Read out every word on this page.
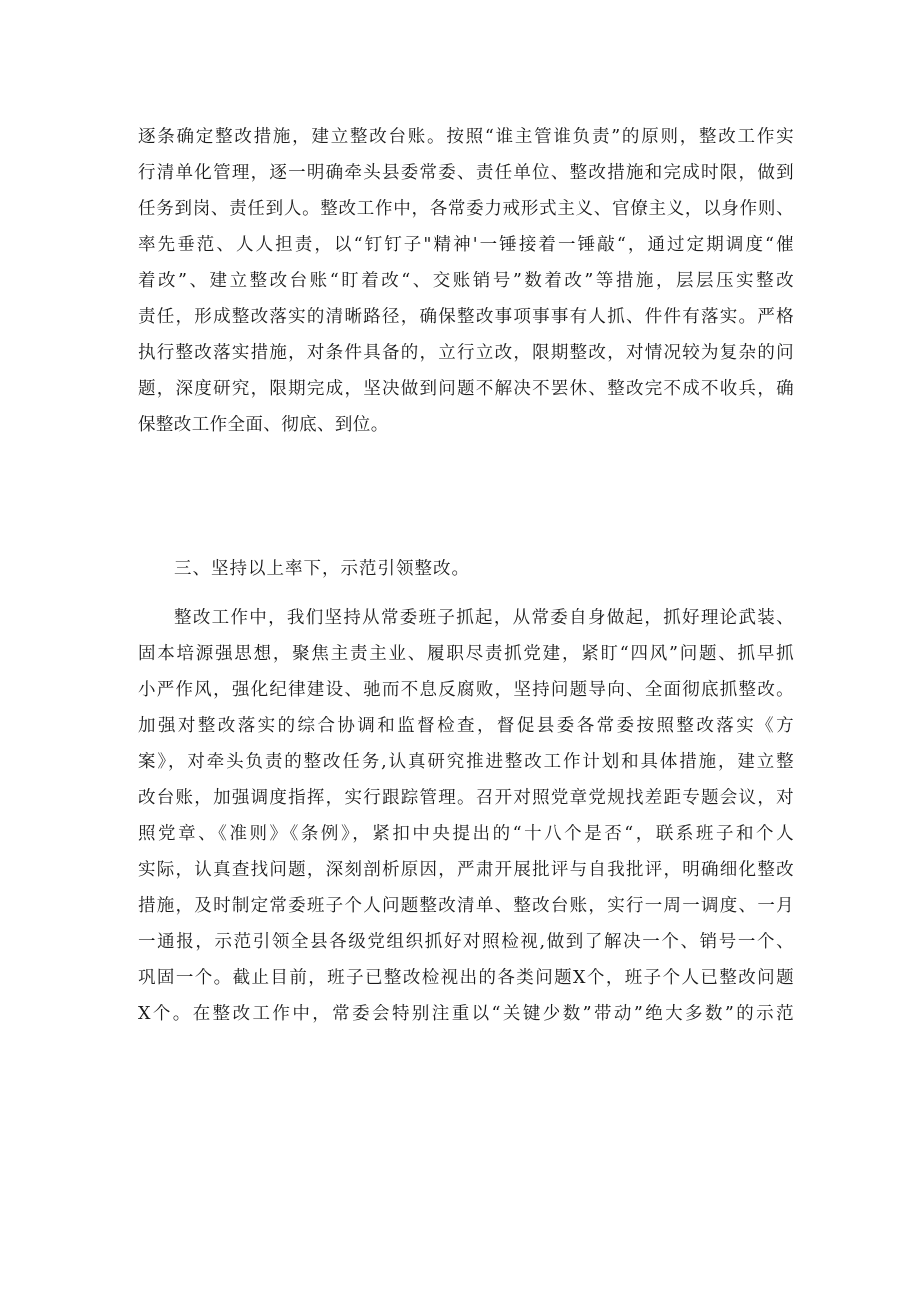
逐条确定整改措施，建立整改台账。按照“谁主管谁负责”的原则，整改工作实
行清单化管理，逐一明确牵头县委常委、责任单位、整改措施和完成时限，做到
任务到岗、责任到人。整改工作中，各常委力戒形式主义、官僚主义，以身作则、
率先垂范、人人担责，以“钉钉子"精神'一锤接着一锤敲“，通过定期调度“催
着改”、建立整改台账“盯着改“、交账销号”数着改”等措施，层层压实整改
责任，形成整改落实的清晰路径，确保整改事项事事有人抓、件件有落实。严格
执行整改落实措施，对条件具备的，立行立改，限期整改，对情况较为复杂的问
题，深度研究，限期完成，坚决做到问题不解决不罢休、整改完不成不收兵，确
保整改工作全面、彻底、到位。
三、坚持以上率下，示范引领整改。
整改工作中，我们坚持从常委班子抓起，从常委自身做起，抓好理论武装、
固本培源强思想，聚焦主责主业、履职尽责抓党建，紧盯“四风”问题、抓早抓
小严作风，强化纪律建设、驰而不息反腐败，坚持问题导向、全面彻底抓整改。
加强对整改落实的综合协调和监督检查，督促县委各常委按照整改落实《方
案》，对牵头负责的整改任务,认真研究推进整改工作计划和具体措施，建立整
改台账，加强调度指挥，实行跟踪管理。召开对照党章党规找差距专题会议，对
照党章、《准则》《条例》，紧扣中央提出的“十八个是否“，联系班子和个人
实际，认真查找问题，深刻剖析原因，严肃开展批评与自我批评，明确细化整改
措施，及时制定常委班子个人问题整改清单、整改台账，实行一周一调度、一月
一通报，示范引领全县各级党组织抓好对照检视,做到了解决一个、销号一个、
巩固一个。截止目前，班子已整改检视出的各类问题X个，班子个人已整改问题
X个。在整改工作中，常委会特别注重以“关键少数”带动”绝大多数”的示范
